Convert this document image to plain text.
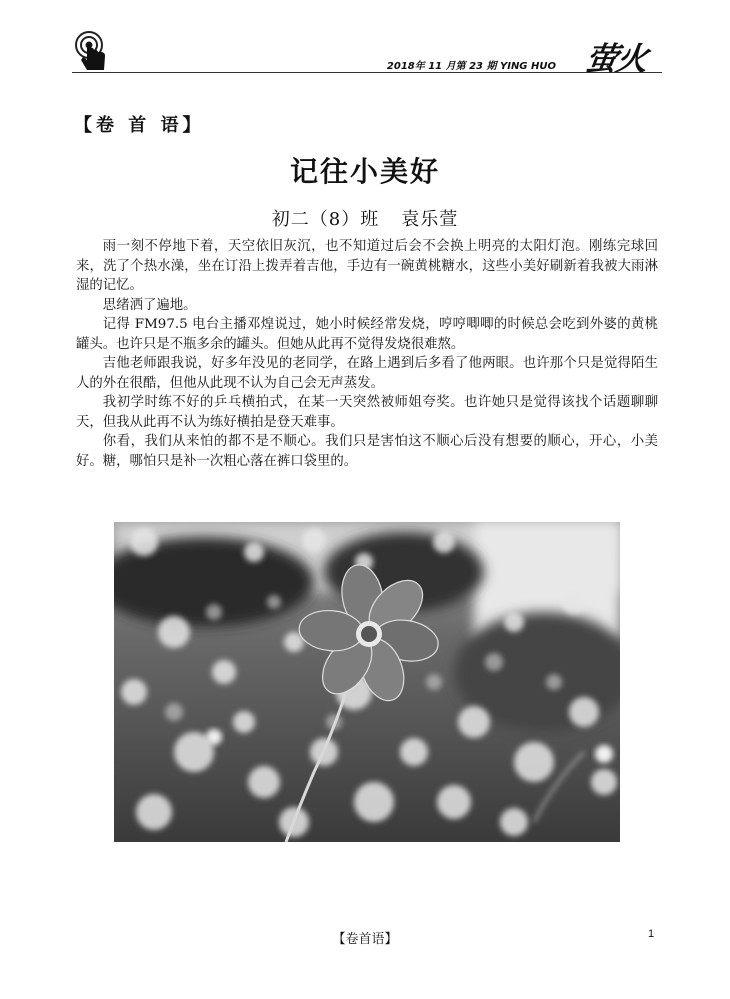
2018年 11 月第 23 期 YING HUO 萤火
【卷 首 语】
记往小美好
初二（8）班 袁乐萱

雨一刻不停地下着，天空依旧灰沉，也不知道过后会不会换上明亮的太阳灯泡。刚练完球回来，洗了个热水澡，坐在订沿上拨弄着吉他，手边有一碗黄桃糖水，这些小美好刷新着我被大雨淋湿的记忆。

思绪洒了遍地。

记得 FM97.5 电台主播邓煌说过，她小时候经常发烧，哼哼唧唧的时候总会吃到外婆的黄桃罐头。也许只是不瓶多余的罐头。但她从此再不觉得发烧很难熬。

吉他老师跟我说，好多年没见的老同学，在路上遇到后多看了他两眼。也许那个只是觉得陌生人的外在很酷，但他从此现不认为自己会无声蒸发。

我初学时练不好的乒乓横拍式，在某一天突然被师姐夸奖。也许她只是觉得该找个话题聊聊天，但我从此再不认为练好横拍是登天难事。

你看，我们从来怕的都不是不顺心。我们只是害怕这不顺心后没有想要的顺心，开心，小美好。糖，哪怕只是补一次粗心落在裤口袋里的。

【卷首语】	1
